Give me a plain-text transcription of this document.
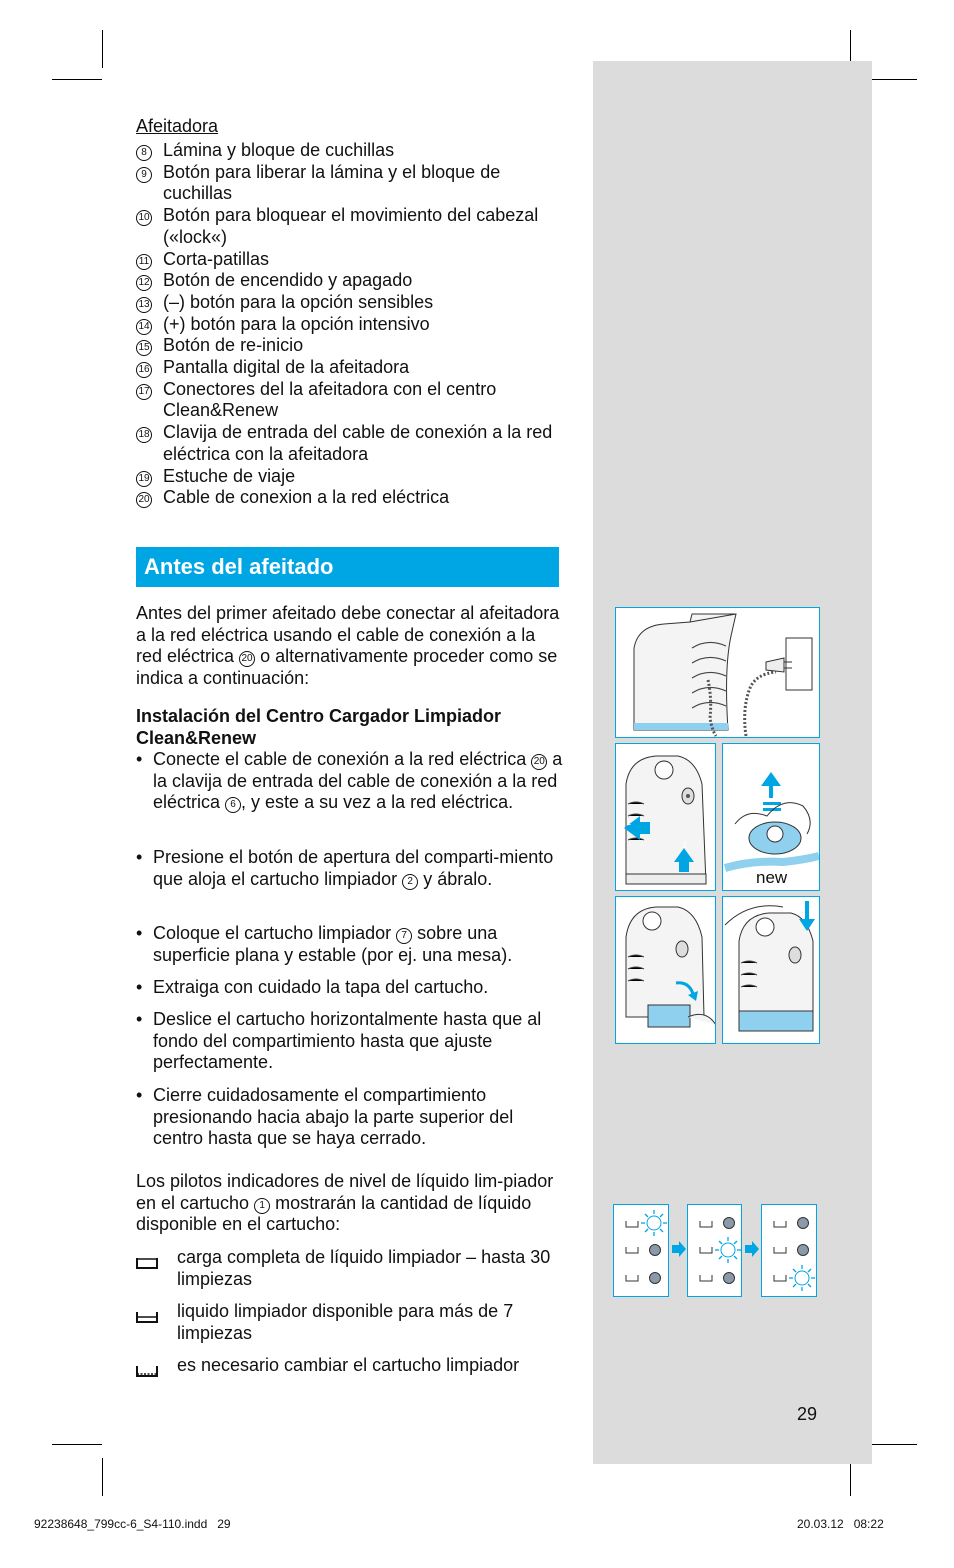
Afeitadora
8 Lámina y bloque de cuchillas
9 Botón para liberar la lámina y el bloque de cuchillas
10 Botón para bloquear el movimiento del cabezal («lock«)
11 Corta-patillas
12 Botón de encendido y apagado
13 (–) botón para la opción sensibles
14 (+) botón para la opción intensivo
15 Botón de re-inicio
16 Pantalla digital de la afeitadora
17 Conectores del la afeitadora con el centro Clean&Renew
18 Clavija de entrada del cable de conexión a la red eléctrica con la afeitadora
19 Estuche de viaje
20 Cable de conexion a la red eléctrica
Antes del afeitado

Antes del primer afeitado debe conectar al afeitadora a la red eléctrica usando el cable de conexión a la red eléctrica 20 o alternativamente proceder como se indica a continuación:

Instalación del Centro Cargador Limpiador Clean&Renew

• Conecte el cable de conexión a la red eléctrica 20 a la clavija de entrada del cable de conexión a la red eléctrica 6 , y este a su vez a la red eléctrica.
• Presione el botón de apertura del comparti-miento que aloja el cartucho limpiador 2 y ábralo.
• Coloque el cartucho limpiador 7 sobre una superficie plana y estable (por ej. una mesa).
• Extraiga con cuidado la tapa del cartucho.
• Deslice el cartucho horizontalmente hasta que al fondo del compartimiento hasta que ajuste perfectamente.
• Cierre cuidadosamente el compartimiento presionando hacia abajo la parte superior del centro hasta que se haya cerrado.

Los pilotos indicadores de nivel de líquido lim-piador en el cartucho 1 mostrarán la cantidad de líquido disponible en el cartucho:

carga completa de líquido limpiador – hasta 30 limpiezas
liquido limpiador disponible para más de 7 limpiezas
es necesario cambiar el cartucho limpiador
1
2
new
29
92238648_799cc-6_S4-110.indd   29	20.03.12   08:22
